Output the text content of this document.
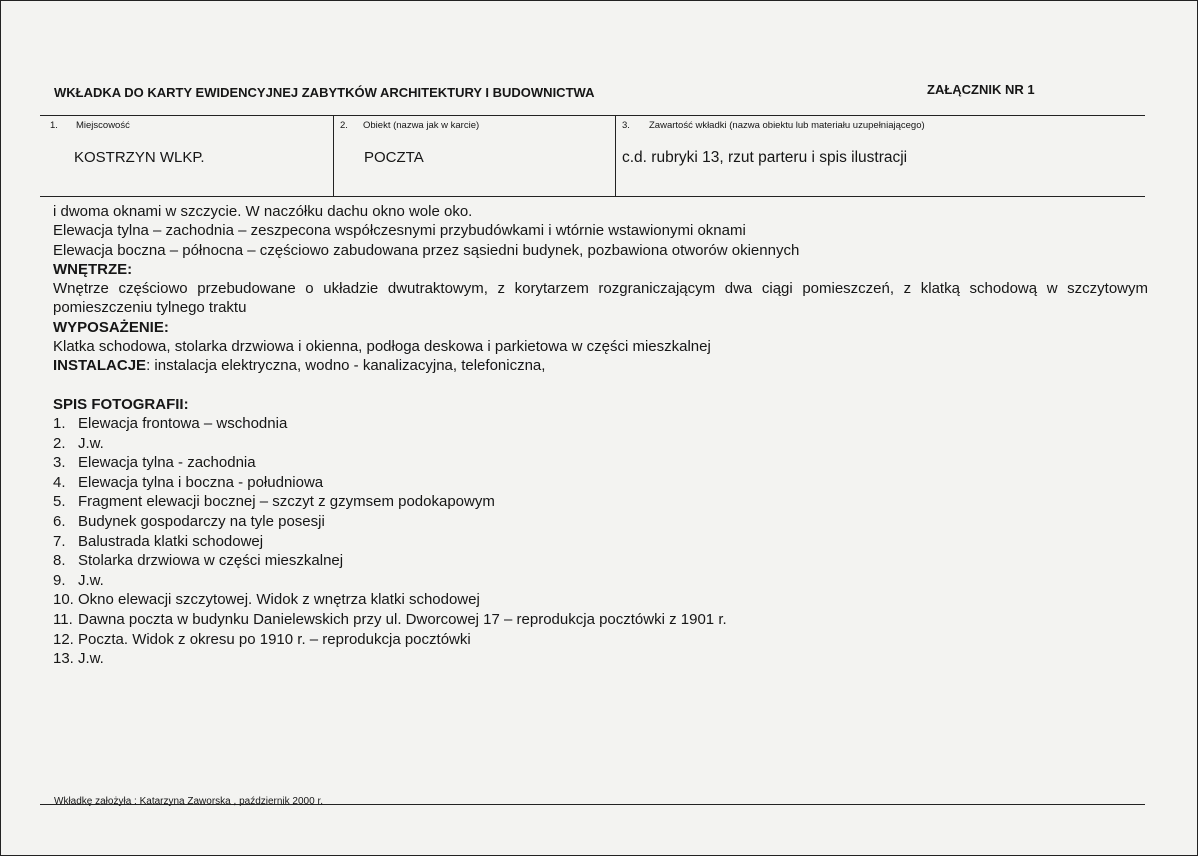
WKŁADKA DO KARTY EWIDENCYJNEJ ZABYTKÓW ARCHITEKTURY I BUDOWNICTWA	ZAŁĄCZNIK NR 1
1. Miejscowość
KOSTRZYN WLKP.
2. Obiekt (nazwa jak w karcie)
POCZTA
3. Zawartość wkładki (nazwa obiektu lub materiału uzupełniającego)
c.d. rubryki 13, rzut parteru i spis ilustracji
i dwoma oknami w szczycie. W naczółku dachu okno wole oko.
Elewacja tylna – zachodnia – zeszpecona współczesnymi przybudówkami i wtórnie wstawionymi oknami
Elewacja boczna – północna – częściowo zabudowana przez sąsiedni budynek, pozbawiona otworów okiennych
WNĘTRZE:
Wnętrze częściowo przebudowane o układzie dwutraktowym, z korytarzem rozgraniczającym dwa ciągi pomieszczeń, z klatką schodową w szczytowym pomieszczeniu tylnego traktu
WYPOSAŻENIE:
Klatka schodowa, stolarka drzwiowa i okienna, podłoga deskowa i parkietowa w części mieszkalnej
INSTALACJE: instalacja elektryczna, wodno - kanalizacyjna, telefoniczna,
SPIS FOTOGRAFII:
1. Elewacja frontowa – wschodnia
2. J.w.
3. Elewacja tylna - zachodnia
4. Elewacja tylna i boczna - południowa
5. Fragment elewacji bocznej – szczyt z gzymsem podokapowym
6. Budynek gospodarczy na tyle posesji
7. Balustrada klatki schodowej
8. Stolarka drzwiowa w części mieszkalnej
9. J.w.
10. Okno elewacji szczytowej. Widok z wnętrza klatki schodowej
11. Dawna poczta w budynku Danielewskich przy ul. Dworcowej 17 – reprodukcja pocztówki z 1901 r.
12. Poczta. Widok z okresu po 1910 r. – reprodukcja pocztówki
13. J.w.
Wkładkę założyła : Katarzyna Zaworska , październik 2000 r.
